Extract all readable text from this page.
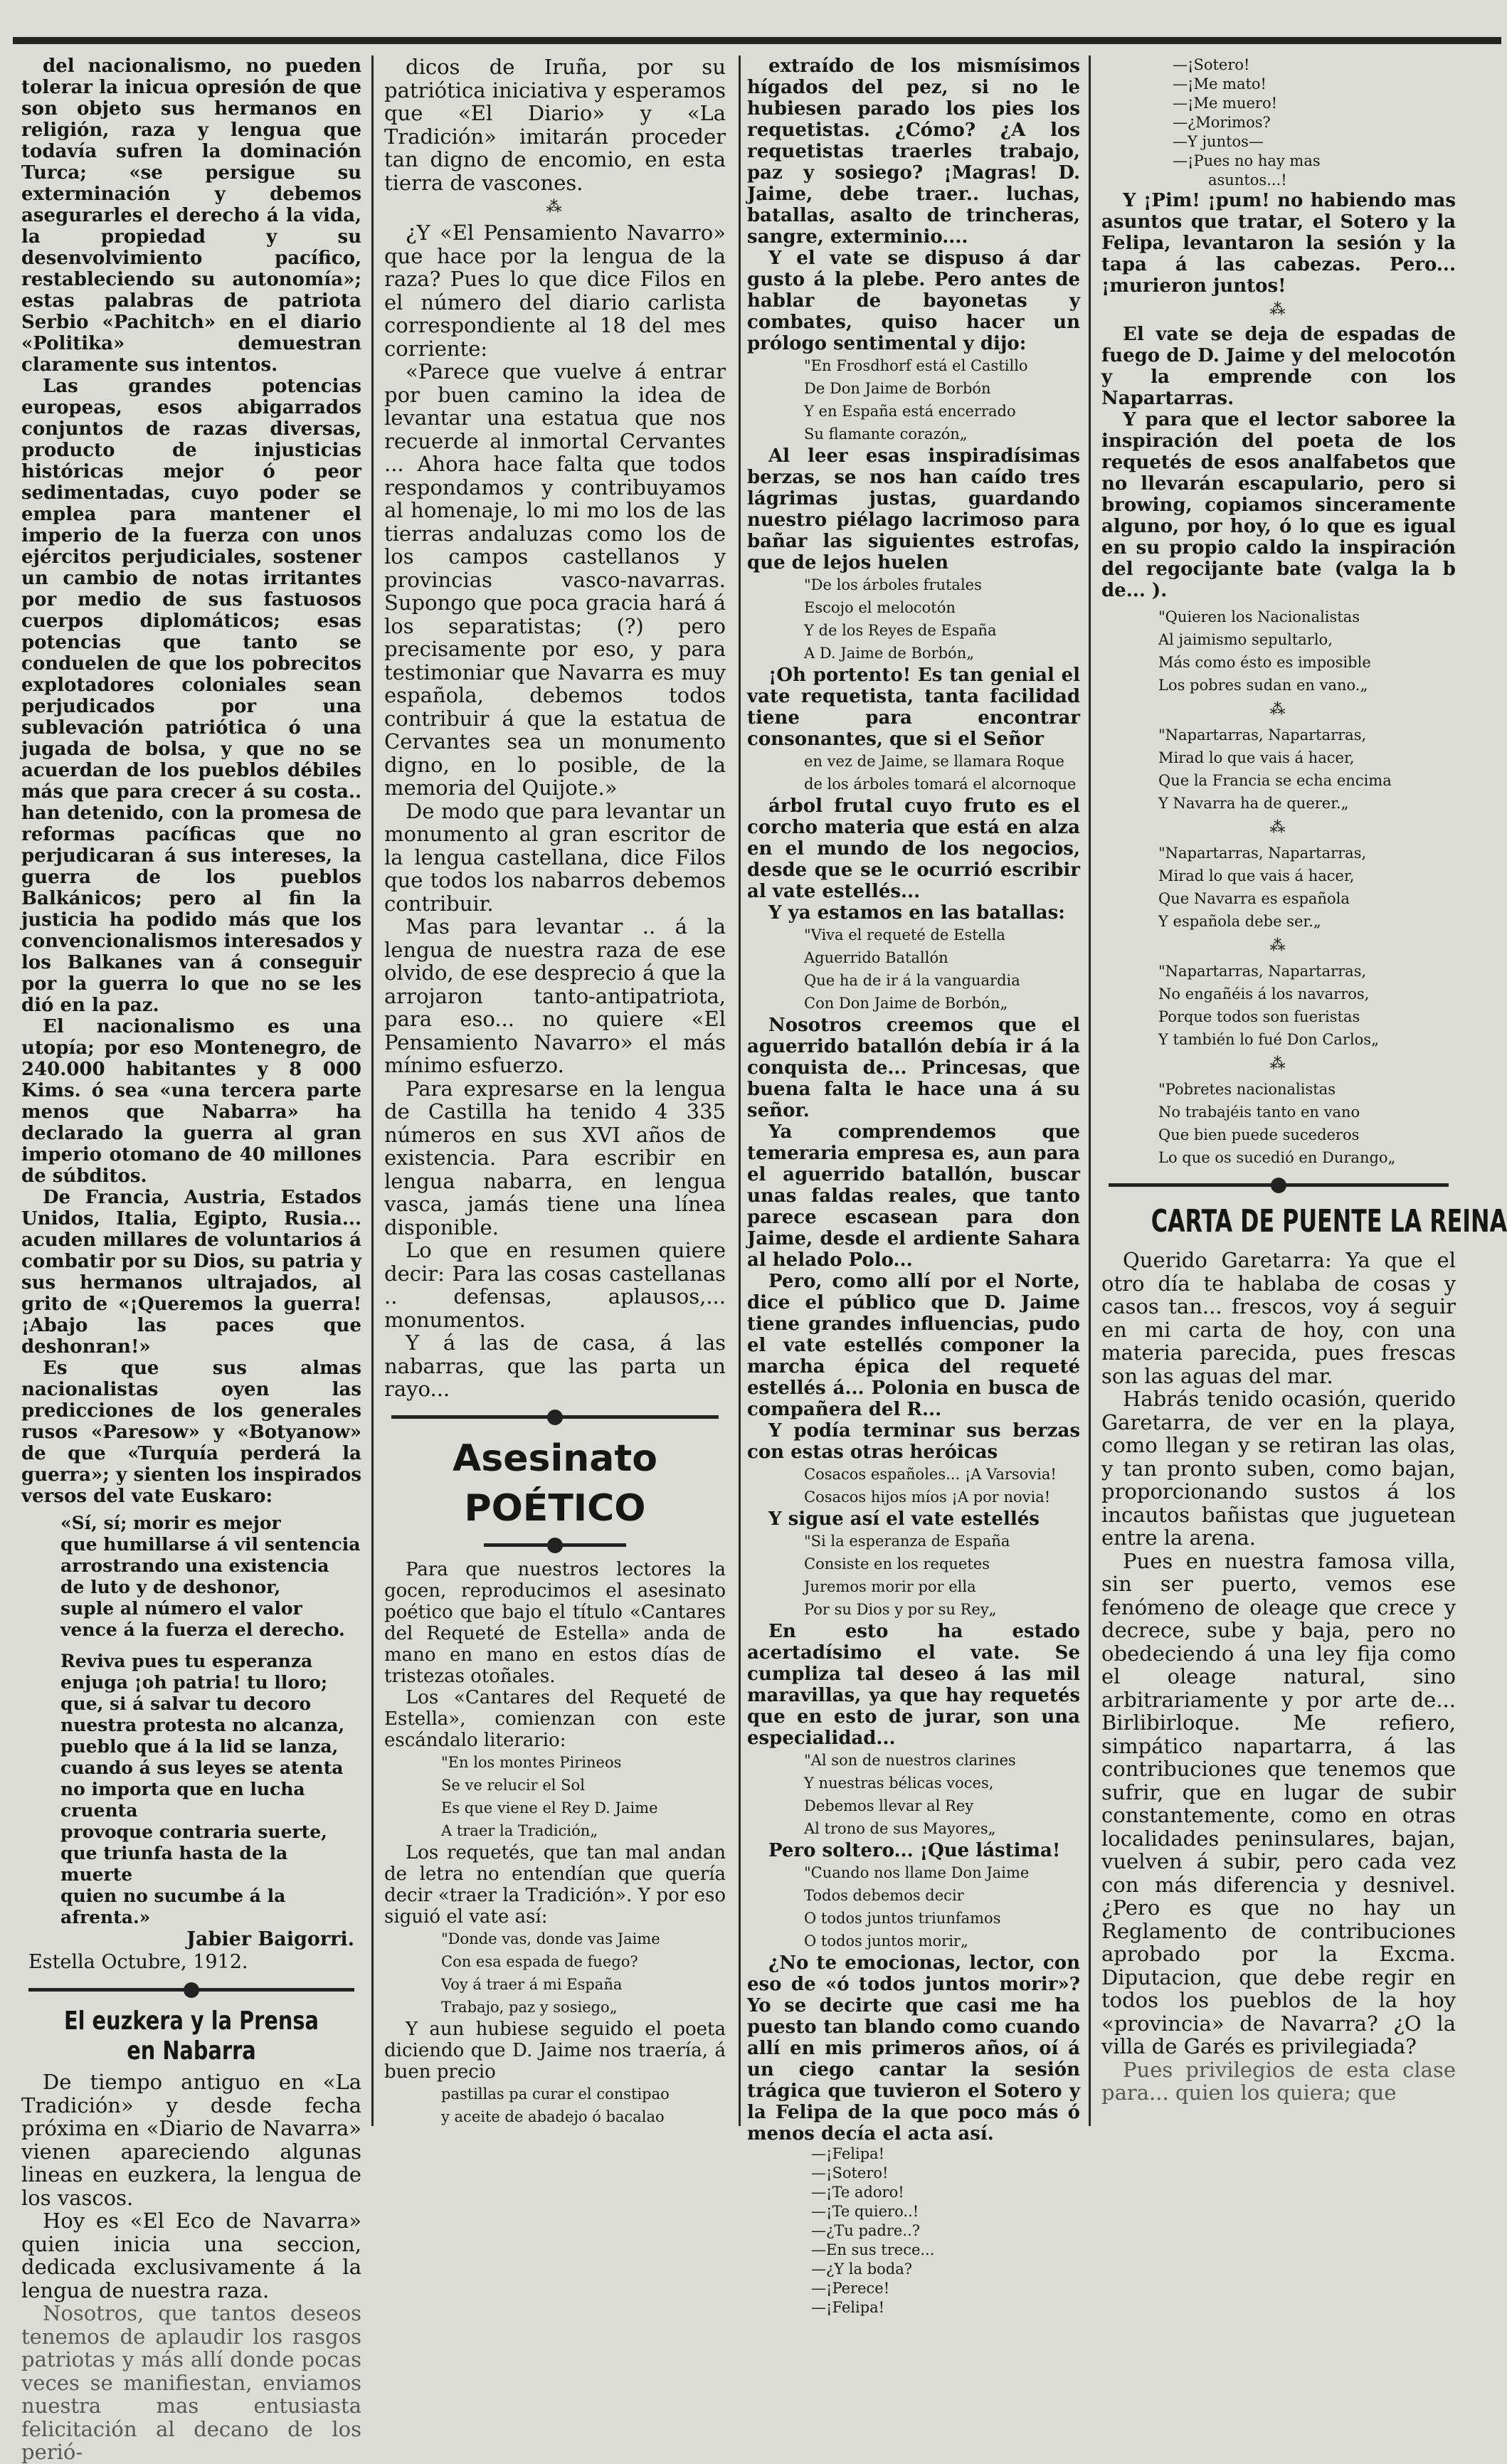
del nacionalismo, no pueden tolerar la inicua opresión de que son objeto sus hermanos en religión, raza y lengua que todavía sufren la dominación Turca; «se persigue su exterminación y debemos asegurarles el derecho á la vida, la propiedad y su desenvolvimiento pacífico, restableciendo su autonomía»; estas palabras de patriota Serbio «Pachitch» en el diario «Politika» demuestran claramente sus intentos.

Las grandes potencias europeas, esos abigarrados conjuntos de razas diversas, producto de injusticias históricas mejor ó peor sedimentadas, cuyo poder se emplea para mantener el imperio de la fuerza con unos ejércitos perjudiciales, sostener un cambio de notas irritantes por medio de sus fastuosos cuerpos diplomáticos; esas potencias que tanto se conduelen de que los pobrecitos explotadores coloniales sean perjudicados por una sublevación patriótica ó una jugada de bolsa, y que no se acuerdan de los pueblos débiles más que para crecer á su costa.. han detenido, con la promesa de reformas pacíficas que no perjudicaran á sus intereses, la guerra de los pueblos Balkánicos; pero al fin la justicia ha podido más que los convencionalismos interesados y los Balkanes van á conseguir por la guerra lo que no se les dió en la paz.

El nacionalismo es una utopía; por eso Montenegro, de 240.000 habitantes y 8 000 Kims. ó sea «una tercera parte menos que Nabarra» ha declarado la guerra al gran imperio otomano de 40 millones de súbditos.

De Francia, Austria, Estados Unidos, Italia, Egipto, Rusia... acuden millares de voluntarios á combatir por su Dios, su patria y sus hermanos ultrajados, al grito de «¡Queremos la guerra! ¡Abajo las paces que deshonran!»

Es que sus almas nacionalistas oyen las predicciones de los generales rusos «Paresow» y «Botyanow» de que «Turquía perderá la guerra»; y sienten los inspirados versos del vate Euskaro:

«Sí, sí; morir es mejor

que humillarse á vil sentencia

arrostrando una existencia

de luto y de deshonor,

suple al número el valor

vence á la fuerza el derecho.

Reviva pues tu esperanza

enjuga ¡oh patria! tu lloro;

que, si á salvar tu decoro

nuestra protesta no alcanza,

pueblo que á la lid se lanza,

cuando á sus leyes se atenta

no importa que en lucha cruenta

provoque contraria suerte,

que triunfa hasta de la muerte

quien no sucumbe á la afrenta.»

Jabier Baigorri.

Estella Octubre, 1912.

El euzkera y la Prensa en Nabarra

De tiempo antiguo en «La Tradición» y desde fecha próxima en «Diario de Navarra» vienen apareciendo algunas lineas en euzkera, la lengua de los vascos.

Hoy es «El Eco de Navarra» quien inicia una seccion, dedicada exclusivamente á la lengua de nuestra raza.

Nosotros, que tantos deseos tenemos de aplaudir los rasgos patriotas y más allí donde pocas veces se manifiestan, enviamos nuestra mas entusiasta felicitación al decano de los perió-

dicos de Iruña, por su patriótica iniciativa y esperamos que «El Diario» y «La Tradición» imitarán proceder tan digno de encomio, en esta tierra de vascones.

⁂

¿Y «El Pensamiento Navarro» que hace por la lengua de la raza? Pues lo que dice Filos en el número del diario carlista correspondiente al 18 del mes corriente:

«Parece que vuelve á entrar por buen camino la idea de levantar una estatua que nos recuerde al inmortal Cervantes ... Ahora hace falta que todos respondamos y contribuyamos al homenaje, lo mi mo los de las tierras andaluzas como los de los campos castellanos y provincias vasco-navarras. Supongo que poca gracia hará á los separatistas; (?) pero precisamente por eso, y para testimoniar que Navarra es muy española, debemos todos contribuir á que la estatua de Cervantes sea un monumento digno, en lo posible, de la memoria del Quijote.»

De modo que para levantar un monumento al gran escritor de la lengua castellana, dice Filos que todos los nabarros debemos contribuir.

Mas para levantar .. á la lengua de nuestra raza de ese olvido, de ese desprecio á que la arrojaron tanto-antipatriota, para eso... no quiere «El Pensamiento Navarro» el más mínimo esfuerzo.

Para expresarse en la lengua de Castilla ha tenido 4 335 números en sus XVI años de existencia. Para escribir en lengua nabarra, en lengua vasca, jamás tiene una línea disponible.

Lo que en resumen quiere decir: Para las cosas castellanas .. defensas, aplausos,... monumentos.

Y á las de casa, á las nabarras, que las parta un rayo...

Asesinato POÉTICO

Para que nuestros lectores la gocen, reproducimos el asesinato poético que bajo el título «Cantares del Requeté de Estella» anda de mano en mano en estos días de tristezas otoñales.

Los «Cantares del Requeté de Estella», comienzan con este escándalo literario:

"En los montes Pirineos

Se ve relucir el Sol

Es que viene el Rey D. Jaime

A traer la Tradición„

Los requetés, que tan mal andan de letra no entendían que quería decir «traer la Tradición». Y por eso siguió el vate así:

"Donde vas, donde vas Jaime

Con esa espada de fuego?

Voy á traer á mi España

Trabajo, paz y sosiego„

Y aun hubiese seguido el poeta diciendo que D. Jaime nos traería, á buen precio

pastillas pa curar el constipao

y aceite de abadejo ó bacalao

extraído de los mismísimos hígados del pez, si no le hubiesen parado los pies los requetistas. ¿Cómo? ¿A los requetistas traerles trabajo, paz y sosiego? ¡Magras! D. Jaime, debe traer.. luchas, batallas, asalto de trincheras, sangre, exterminio....

Y el vate se dispuso á dar gusto á la plebe. Pero antes de hablar de bayonetas y combates, quiso hacer un prólogo sentimental y dijo:

"En Frosdhorf está el Castillo

De Don Jaime de Borbón

Y en España está encerrado

Su flamante corazón„

Al leer esas inspiradísimas berzas, se nos han caído tres lágrimas justas, guardando nuestro piélago lacrimoso para bañar las siguientes estrofas, que de lejos huelen

"De los árboles frutales

Escojo el melocotón

Y de los Reyes de España

A D. Jaime de Borbón„

¡Oh portento! Es tan genial el vate requetista, tanta facilidad tiene para encontrar consonantes, que si el Señor

en vez de Jaime, se llamara Roque

de los árboles tomará el alcornoque

árbol frutal cuyo fruto es el corcho materia que está en alza en el mundo de los negocios, desde que se le ocurrió escribir al vate estellés...

Y ya estamos en las batallas:

"Viva el requeté de Estella

Aguerrido Batallón

Que ha de ir á la vanguardia

Con Don Jaime de Borbón„

Nosotros creemos que el aguerrido batallón debía ir á la conquista de... Princesas, que buena falta le hace una á su señor.

Ya comprendemos que temeraria empresa es, aun para el aguerrido batallón, buscar unas faldas reales, que tanto parece escasean para don Jaime, desde el ardiente Sahara al helado Polo...

Pero, como allí por el Norte, dice el público que D. Jaime tiene grandes influencias, pudo el vate estellés componer la marcha épica del requeté estellés á... Polonia en busca de compañera del R...

Y podía terminar sus berzas con estas otras heróicas

Cosacos españoles... ¡A Varsovia!

Cosacos hijos míos ¡A por novia!

Y sigue así el vate estellés

"Si la esperanza de España

Consiste en los requetes

Juremos morir por ella

Por su Dios y por su Rey„

En esto ha estado acertadísimo el vate. Se cumpliza tal deseo á las mil maravillas, ya que hay requetés que en esto de jurar, son una especialidad...

"Al son de nuestros clarines

Y nuestras bélicas voces,

Debemos llevar al Rey

Al trono de sus Mayores„

Pero soltero... ¡Que lástima!

"Cuando nos llame Don Jaime

Todos debemos decir

O todos juntos triunfamos

O todos juntos morir„

¿No te emocionas, lector, con eso de «ó todos juntos morir»? Yo se decirte que casi me ha puesto tan blando como cuando allí en mis primeros años, oí á un ciego cantar la sesión trágica que tuvieron el Sotero y la Felipa de la que poco más ó menos decía el acta así.

—¡Felipa!

—¡Sotero!

—¡Te adoro!

—¡Te quiero..!

—¿Tu padre..?

—En sus trece...

—¿Y la boda?

—¡Perece!

—¡Felipa!

—¡Sotero!

—¡Me mato!

—¡Me muero!

—¿Morimos?

—Y juntos—

—¡Pues no hay mas

asuntos...!

Y ¡Pim! ¡pum! no habiendo mas asuntos que tratar, el Sotero y la Felipa, levantaron la sesión y la tapa á las cabezas. Pero... ¡murieron juntos!

⁂

El vate se deja de espadas de fuego de D. Jaime y del melocotón y la emprende con los Napartarras.

Y para que el lector saboree la inspiración del poeta de los requetés de esos analfabetos que no llevarán escapulario, pero si browing, copiamos sinceramente alguno, por hoy, ó lo que es igual en su propio caldo la inspiración del regocijante bate (valga la b de... ).

"Quieren los Nacionalistas

Al jaimismo sepultarlo,

Más como ésto es imposible

Los pobres sudan en vano.„

⁂

"Napartarras, Napartarras,

Mirad lo que vais á hacer,

Que la Francia se echa encima

Y Navarra ha de querer.„

⁂

"Napartarras, Napartarras,

Mirad lo que vais á hacer,

Que Navarra es española

Y española debe ser.„

⁂

"Napartarras, Napartarras,

No engañéis á los navarros,

Porque todos son fueristas

Y también lo fué Don Carlos„

⁂

"Pobretes nacionalistas

No trabajéis tanto en vano

Que bien puede sucederos

Lo que os sucedió en Durango„

CARTA DE PUENTE LA REINA

Querido Garetarra: Ya que el otro día te hablaba de cosas y casos tan... frescos, voy á seguir en mi carta de hoy, con una materia parecida, pues frescas son las aguas del mar.

Habrás tenido ocasión, querido Garetarra, de ver en la playa, como llegan y se retiran las olas, y tan pronto suben, como bajan, proporcionando sustos á los incautos bañistas que juguetean entre la arena.

Pues en nuestra famosa villa, sin ser puerto, vemos ese fenómeno de oleage que crece y decrece, sube y baja, pero no obedeciendo á una ley fija como el oleage natural, sino arbitrariamente y por arte de... Birlibirloque. Me refiero, simpático napartarra, á las contribuciones que tenemos que sufrir, que en lugar de subir constantemente, como en otras localidades peninsulares, bajan, vuelven á subir, pero cada vez con más diferencia y desnivel. ¿Pero es que no hay un Reglamento de contribuciones aprobado por la Excma. Diputacion, que debe regir en todos los pueblos de la hoy «provincia» de Navarra? ¿O la villa de Garés es privilegiada?

Pues privilegios de esta clase para... quien los quiera; que
